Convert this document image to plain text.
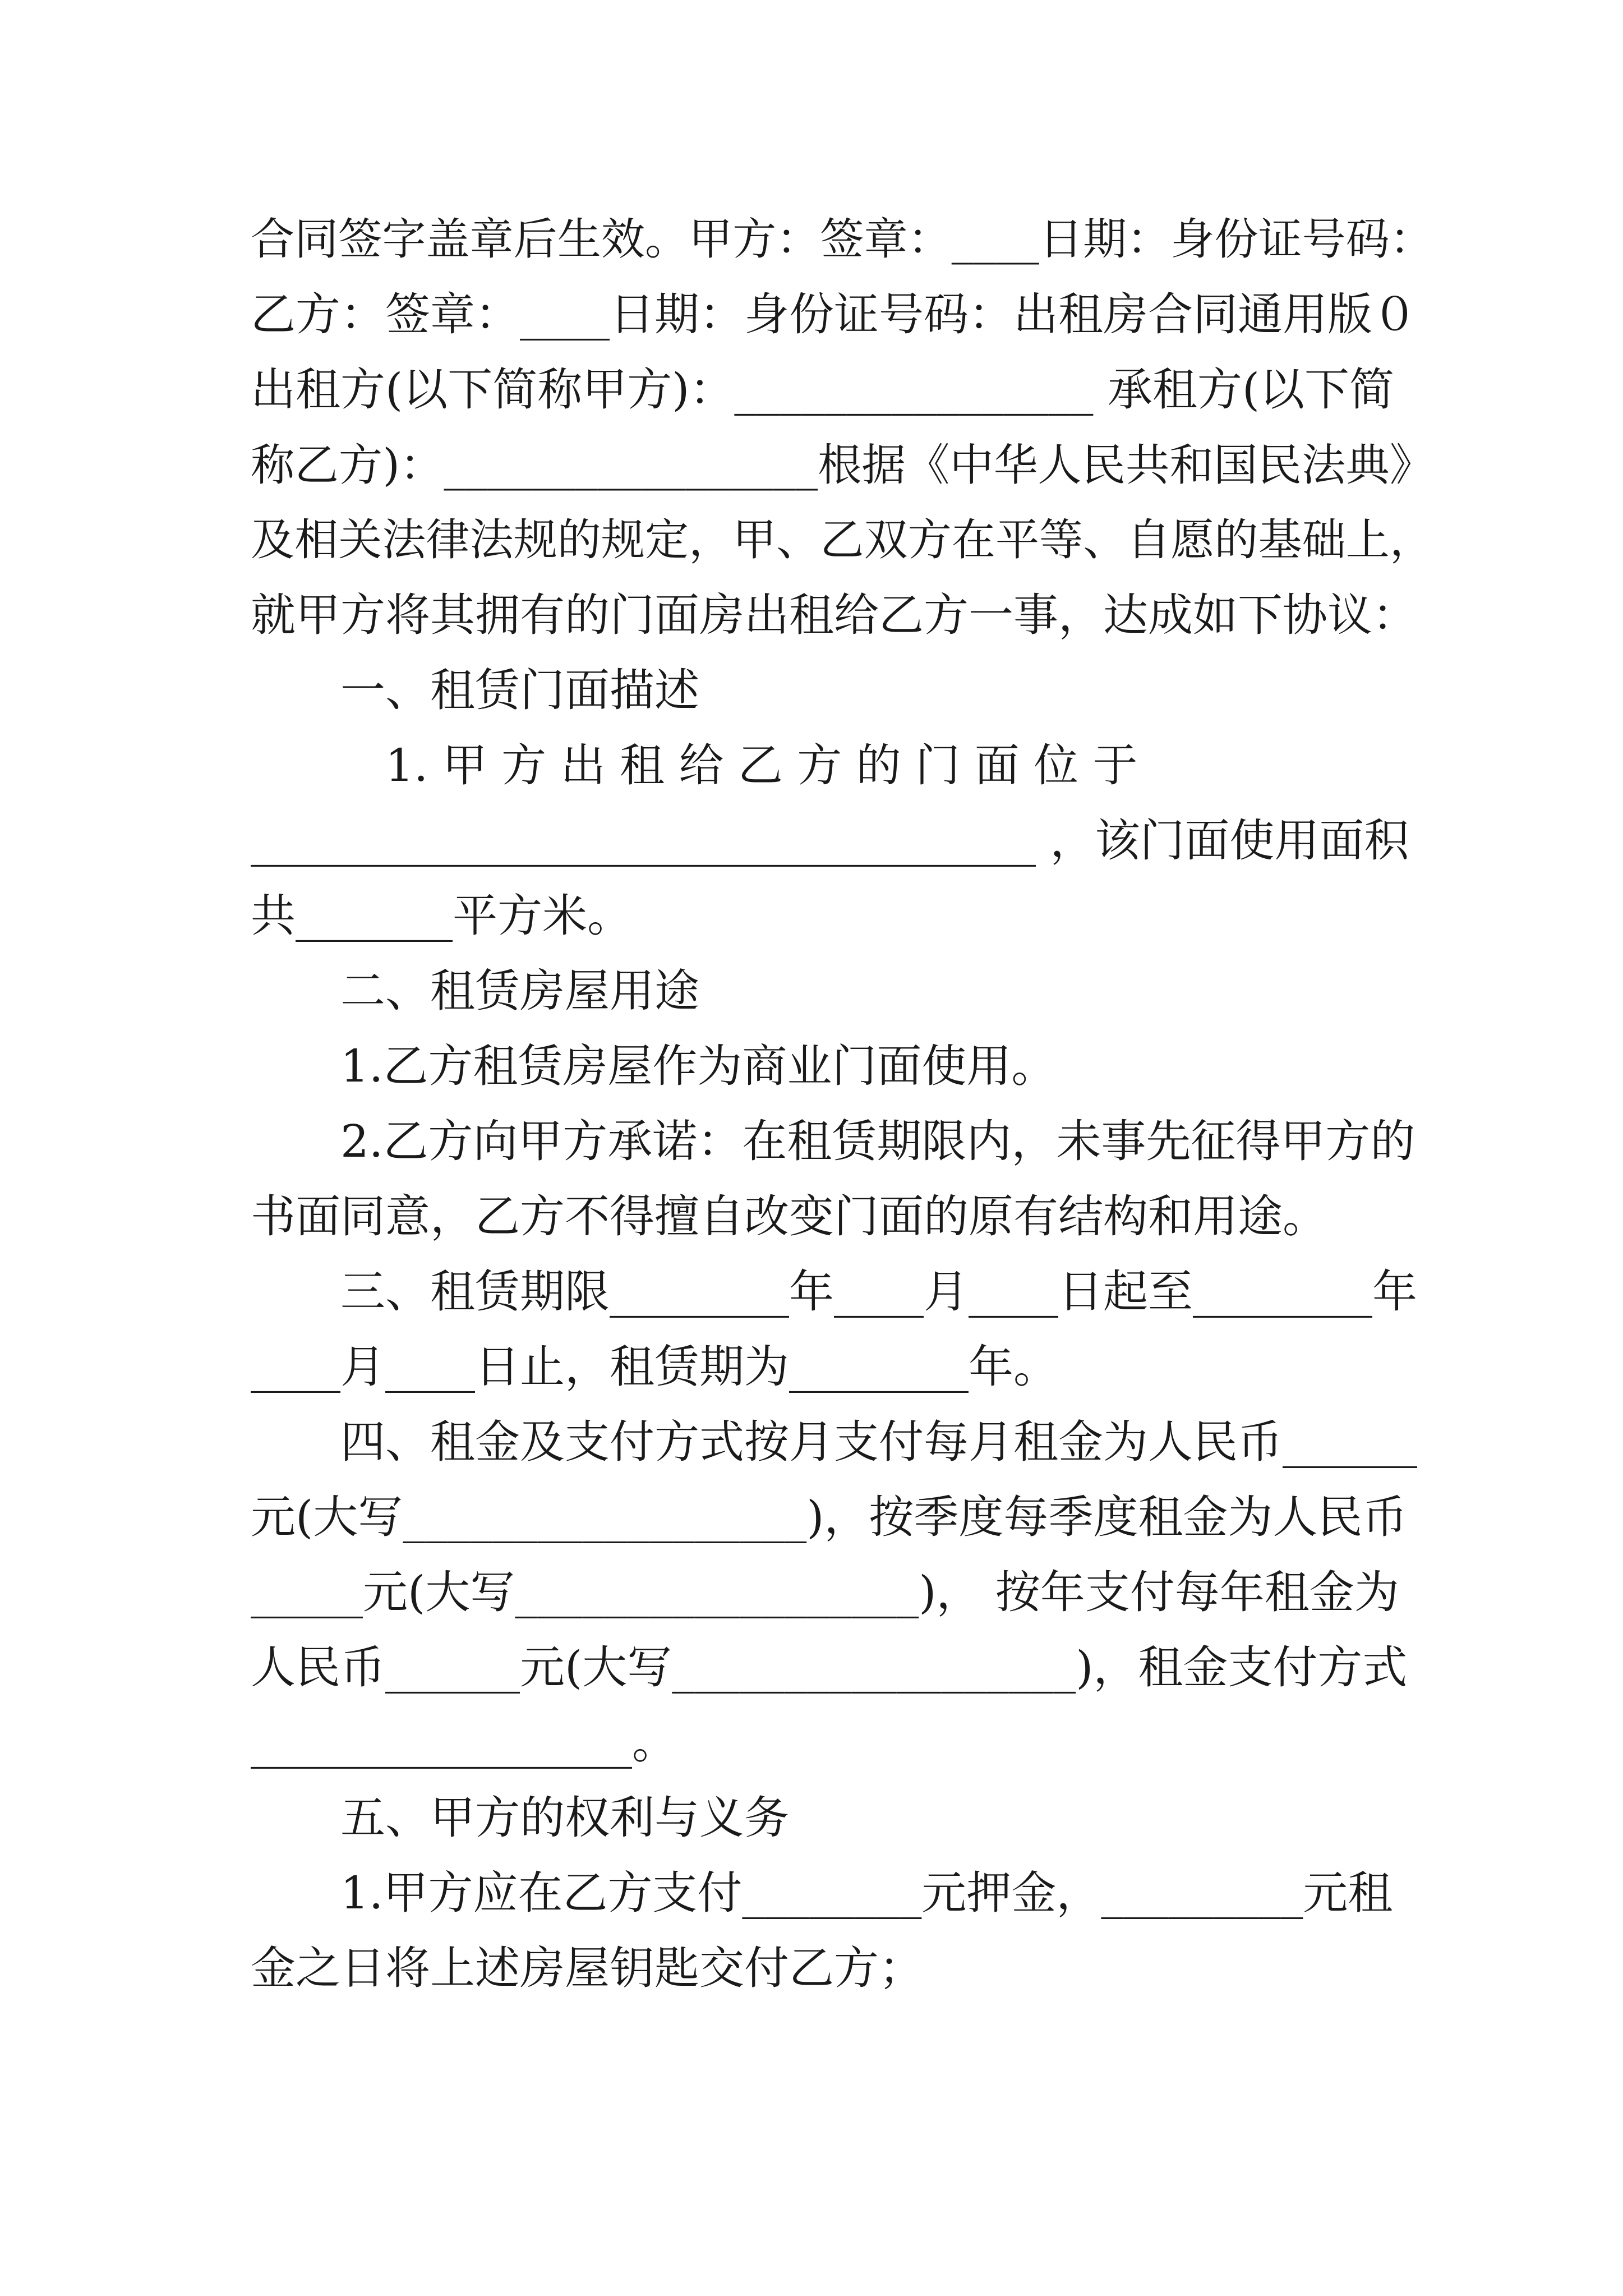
合同签字盖章后生效。甲方：签章：____日期：身份证号码：
乙方：签章：____日期：身份证号码：出租房合同通用版０
出租方(以下简称甲方)：________________ 承租方(以下简
称乙方)：_________________根据《中华人民共和国民法典》
及相关法律法规的规定，甲、乙双方在平等、自愿的基础上，
就甲方将其拥有的门面房出租给乙方一事，达成如下协议：
　　一、租赁门面描述
　　　1. 甲 方 出 租 给 乙 方 的 门 面 位 于
___________________________________ ，该门面使用面积
共_______平方米。
　　二、租赁房屋用途
　　1.乙方租赁房屋作为商业门面使用。
　　2.乙方向甲方承诺：在租赁期限内，未事先征得甲方的
书面同意，乙方不得擅自改变门面的原有结构和用途。
　　三、租赁期限________年____月____日起至________年
____月____日止，租赁期为________年。
　　四、租金及支付方式按月支付每月租金为人民币______
元(大写__________________)，按季度每季度租金为人民币
_____元(大写__________________)， 按年支付每年租金为
人民币______元(大写__________________)，租金支付方式
_________________。
　　五、甲方的权利与义务
　　1.甲方应在乙方支付________元押金，_________元租
金之日将上述房屋钥匙交付乙方；
